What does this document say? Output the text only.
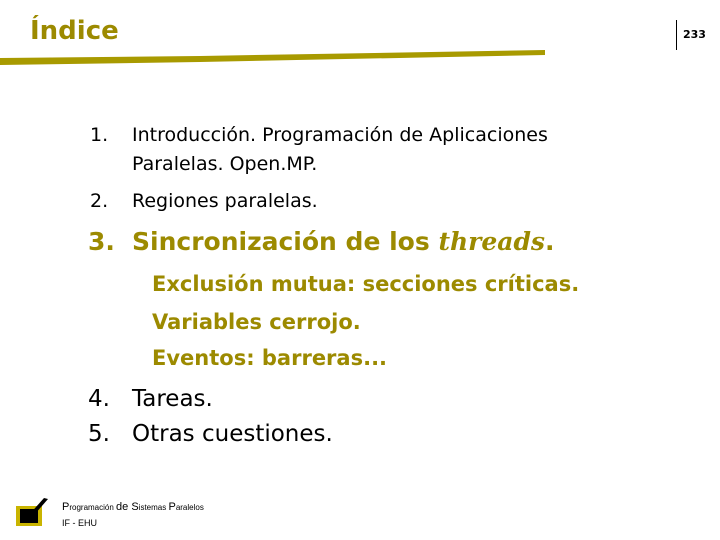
Índice	233
1. Introducción. Programación de Aplicaciones
Paralelas. Open.MP.
2. Regiones paralelas.
3. Sincronización de los threads.
Exclusión mutua: secciones críticas.
Variables cerrojo.
Eventos: barreras...
4. Tareas.
5. Otras cuestiones.
Programación de Sistemas Paralelos
IF - EHU
